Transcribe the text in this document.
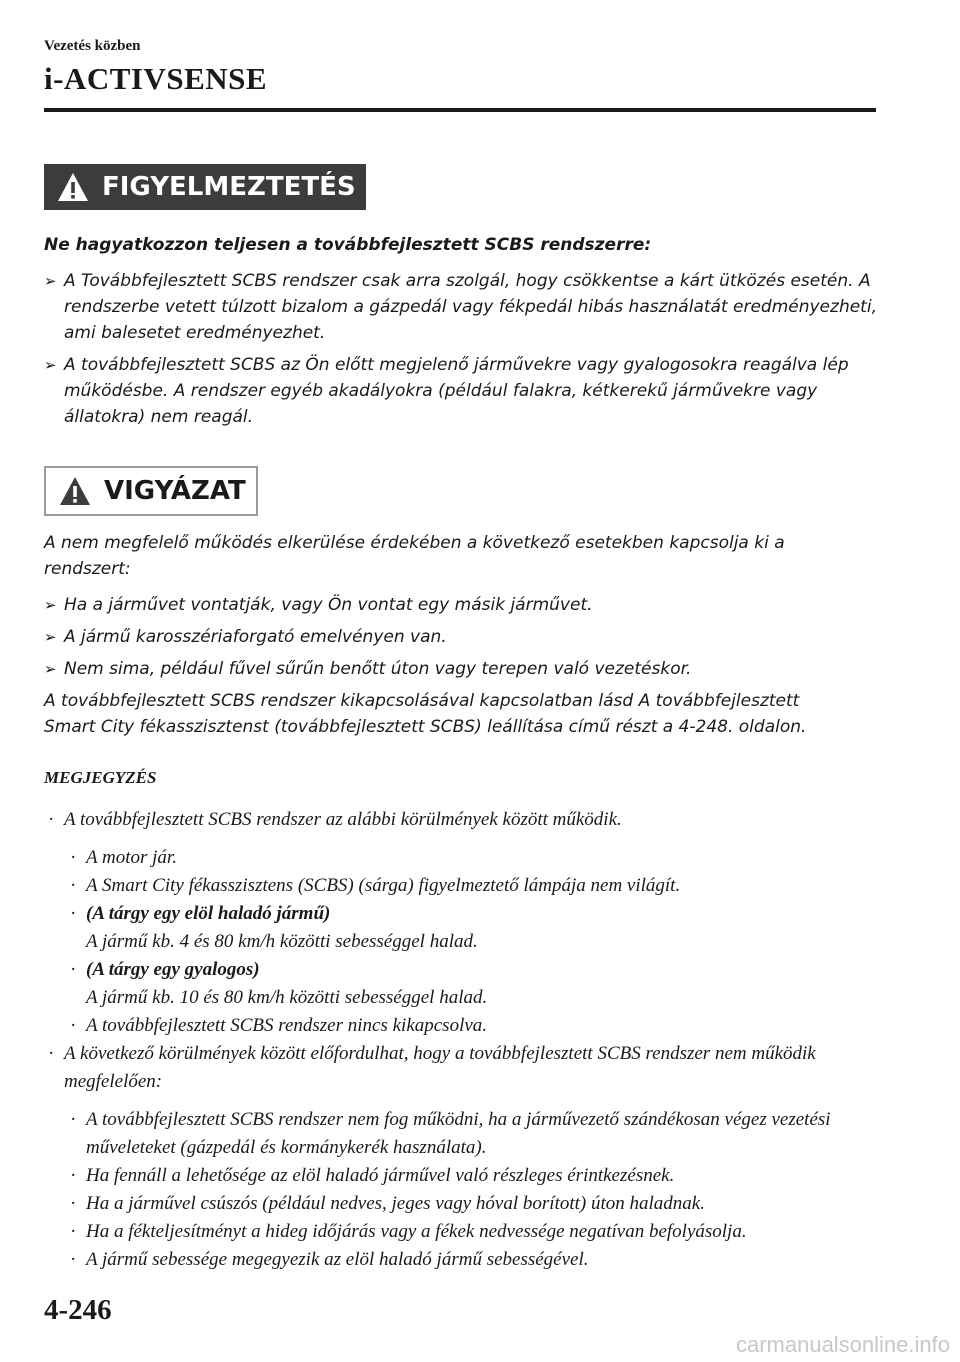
Vezetés közben
i-ACTIVSENSE
FIGYELMEZTETÉS
Ne hagyatkozzon teljesen a továbbfejlesztett SCBS rendszerre:
➢ A Továbbfejlesztett SCBS rendszer csak arra szolgál, hogy csökkentse a kárt ütközés esetén. A rendszerbe vetett túlzott bizalom a gázpedál vagy fékpedál hibás használatát eredményezheti, ami balesetet eredményezhet.
➢ A továbbfejlesztett SCBS az Ön előtt megjelenő járművekre vagy gyalogosokra reagálva lép működésbe. A rendszer egyéb akadályokra (például falakra, kétkerekű járművekre vagy állatokra) nem reagál.
VIGYÁZAT
A nem megfelelő működés elkerülése érdekében a következő esetekben kapcsolja ki a rendszert:
➢ Ha a járművet vontatják, vagy Ön vontat egy másik járművet.
➢ A jármű karosszériaforgató emelvényen van.
➢ Nem sima, például fűvel sűrűn benőtt úton vagy terepen való vezetéskor.
A továbbfejlesztett SCBS rendszer kikapcsolásával kapcsolatban lásd A továbbfejlesztett Smart City fékasszisztenst (továbbfejlesztett SCBS) leállítása című részt a 4-248. oldalon.
MEGJEGYZÉS
· A továbbfejlesztett SCBS rendszer az alábbi körülmények között működik.
· A motor jár.
· A Smart City fékasszisztens (SCBS) (sárga) figyelmeztető lámpája nem világít.
· (A tárgy egy elöl haladó jármű)
A jármű kb. 4 és 80 km/h közötti sebességgel halad.
· (A tárgy egy gyalogos)
A jármű kb. 10 és 80 km/h közötti sebességgel halad.
· A továbbfejlesztett SCBS rendszer nincs kikapcsolva.
· A következő körülmények között előfordulhat, hogy a továbbfejlesztett SCBS rendszer nem működik megfelelően:
· A továbbfejlesztett SCBS rendszer nem fog működni, ha a járművezető szándékosan végez vezetési műveleteket (gázpedál és kormánykerék használata).
· Ha fennáll a lehetősége az elöl haladó járművel való részleges érintkezésnek.
· Ha a járművel csúszós (például nedves, jeges vagy hóval borított) úton haladnak.
· Ha a fékteljesítményt a hideg időjárás vagy a fékek nedvessége negatívan befolyásolja.
· A jármű sebessége megegyezik az elöl haladó jármű sebességével.
4-246
carmanualsonline.info
